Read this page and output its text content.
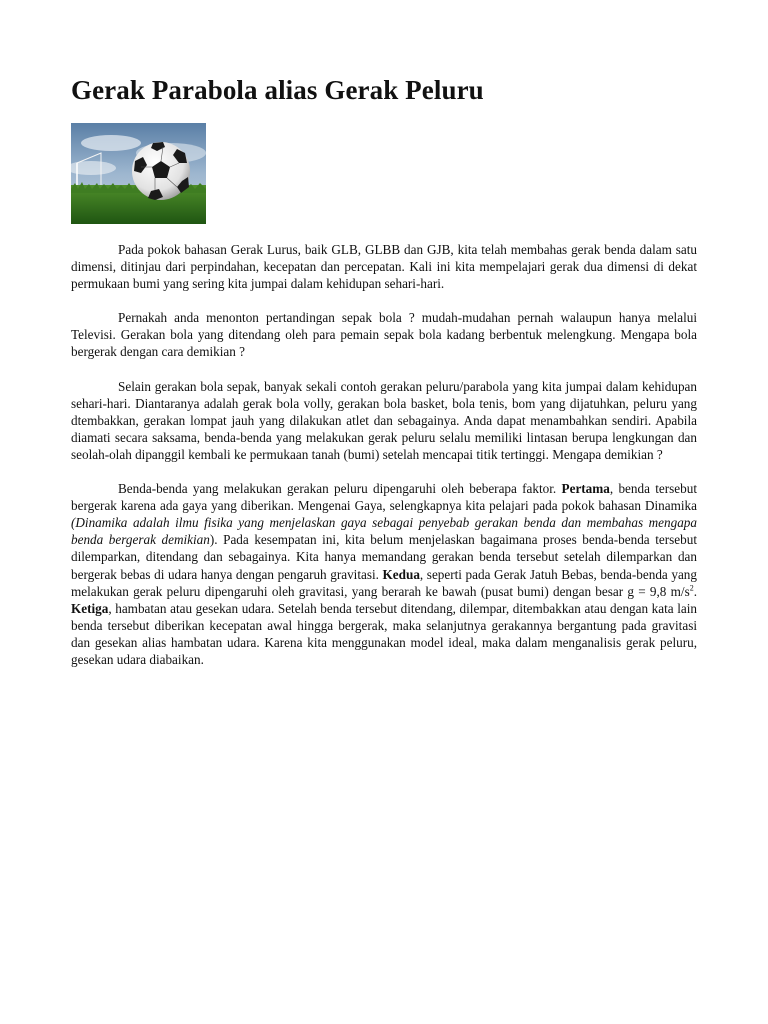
Gerak Parabola alias Gerak Peluru

Pada pokok bahasan Gerak Lurus, baik GLB, GLBB dan GJB, kita telah membahas gerak benda dalam satu dimensi, ditinjau dari perpindahan, kecepatan dan percepatan. Kali ini kita mempelajari gerak dua dimensi di dekat permukaan bumi yang sering kita jumpai dalam kehidupan sehari-hari.

Pernakah anda menonton pertandingan sepak bola ? mudah-mudahan pernah walaupun hanya melalui Televisi. Gerakan bola yang ditendang oleh para pemain sepak bola kadang berbentuk melengkung. Mengapa bola bergerak dengan cara demikian ?

Selain gerakan bola sepak, banyak sekali contoh gerakan peluru/parabola yang kita jumpai dalam kehidupan sehari-hari. Diantaranya adalah gerak bola volly, gerakan bola basket, bola tenis, bom yang dijatuhkan, peluru yang dtembakkan, gerakan lompat jauh yang dilakukan atlet dan sebagainya. Anda dapat menambahkan sendiri. Apabila diamati secara saksama, benda-benda yang melakukan gerak peluru selalu memiliki lintasan berupa lengkungan dan seolah-olah dipanggil kembali ke permukaan tanah (bumi) setelah mencapai titik tertinggi. Mengapa demikian ?

Benda-benda yang melakukan gerakan peluru dipengaruhi oleh beberapa faktor. Pertama, benda tersebut bergerak karena ada gaya yang diberikan. Mengenai Gaya, selengkapnya kita pelajari pada pokok bahasan Dinamika (Dinamika adalah ilmu fisika yang menjelaskan gaya sebagai penyebab gerakan benda dan membahas mengapa benda bergerak demikian). Pada kesempatan ini, kita belum menjelaskan bagaimana proses benda-benda tersebut dilemparkan, ditendang dan sebagainya. Kita hanya memandang gerakan benda tersebut setelah dilemparkan dan bergerak bebas di udara hanya dengan pengaruh gravitasi. Kedua, seperti pada Gerak Jatuh Bebas, benda-benda yang melakukan gerak peluru dipengaruhi oleh gravitasi, yang berarah ke bawah (pusat bumi) dengan besar g = 9,8 $m/s^2$. Ketiga, hambatan atau gesekan udara. Setelah benda tersebut ditendang, dilempar, ditembakkan atau dengan kata lain benda tersebut diberikan kecepatan awal hingga bergerak, maka selanjutnya gerakannya bergantung pada gravitasi dan gesekan alias hambatan udara. Karena kita menggunakan model ideal, maka dalam menganalisis gerak peluru, gesekan udara diabaikan.
